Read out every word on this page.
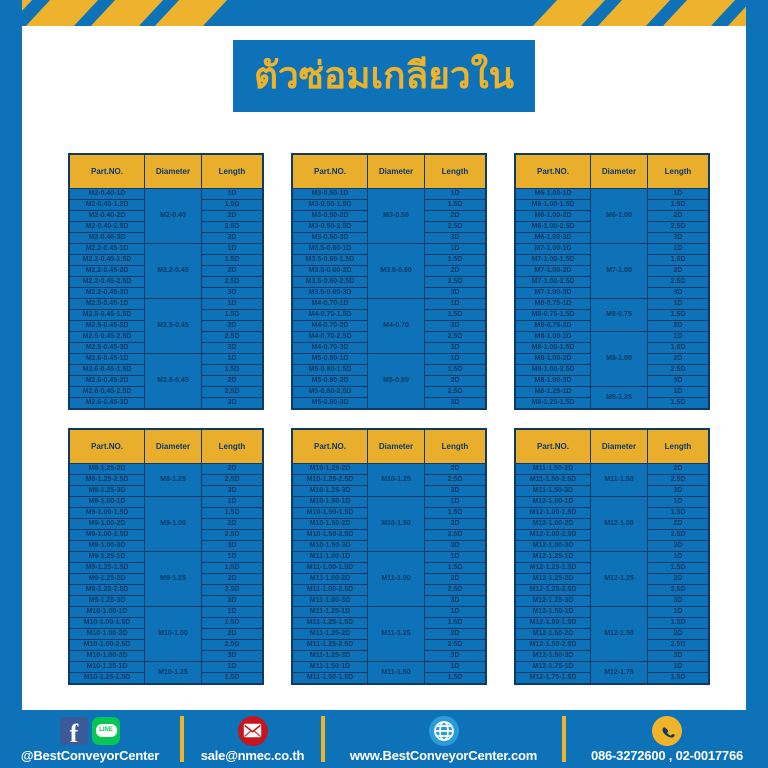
ตัวซ่อมเกลียวใน
Part.NO.	Diameter	Length
M2-0.40-1D	M2-0.40	1D
M2-0.40-1.5D		1.5D
M2-0.40-2D		2D
M2-0.40-2.5D		2.5D
M2-0.40-3D		3D
M2.2-0.45-1D	M2.2-0.45	1D
M2.2-0.45-1.5D		1.5D
M2.2-0.45-2D		2D
M2.2-0.45-2.5D		2.5D
M2.2-0.45-3D		3D
M2.5-0.45-1D	M2.5-0.45	1D
M2.5-0.45-1.5D		1.5D
M2.5-0.45-2D		2D
M2.5-0.45-2.5D		2.5D
M2.5-0.45-3D		3D
M2.6-0.45-1D	M2.6-0.45	1D
M2.6-0.45-1.5D		1.5D
M2.6-0.45-2D		2D
M2.6-0.45-2.5D		2.5D
M2.6-0.45-3D		3D
Part.NO.	Diameter	Length
M3-0.50-1D	M3-0.50	1D
M3-0.50-1.5D		1.5D
M3-0.50-2D		2D
M3-0.50-2.5D		2.5D
M3-0.50-3D		3D
M3.5-0.60-1D	M3.5-0.60	1D
M3.5-0.60-1.5D		1.5D
M3.5-0.60-2D		2D
M3.5-0.60-2.5D		2.5D
M3.5-0.60-3D		3D
M4-0.70-1D	M4-0.70	1D
M4-0.70-1.5D		1.5D
M4-0.70-2D		2D
M4-0.70-2.5D		2.5D
M4-0.70-3D		3D
M5-0.80-1D	M5-0.80	1D
M5-0.80-1.5D		1.5D
M5-0.80-2D		2D
M5-0.80-2.5D		2.5D
M5-0.80-3D		3D
Part.NO.	Diameter	Length
M6-1.00-1D	M6-1.00	1D
M6-1.00-1.5D		1.5D
M6-1.00-2D		2D
M6-1.00-2.5D		2.5D
M6-1.00-3D		3D
M7-1.00-1D	M7-1.00	1D
M7-1.00-1.5D		1.5D
M7-1.00-2D		2D
M7-1.00-2.5D		2.5D
M7-1.00-3D		3D
M8-0.75-1D	M8-0.75	1D
M8-0.75-1.5D		1.5D
M8-0.75-2D		2D
M8-1.00-1D	M8-1.00	1D
M8-1.00-1.5D		1.5D
M8-1.00-2D		2D
M8-1.00-2.5D		2.5D
M8-1.00-3D		3D
M8-1.25-1D	M8-1.25	1D
M8-1.25-1.5D		1.5D
Part.NO.	Diameter	Length
M8-1.25-2D	M8-1.25	2D
M8-1.25-2.5D		2.5D
M8-1.25-3D		3D
M9-1.00-1D	M9-1.00	1D
M9-1.00-1.5D		1.5D
M9-1.00-2D		2D
M9-1.00-2.5D		2.5D
M9-1.00-3D		3D
M9-1.25-1D	M9-1.25	1D
M9-1.25-1.5D		1.5D
M9-1.25-2D		2D
M9-1.25-2.5D		2.5D
M9-1.25-3D		3D
M10-1.00-1D	M10-1.00	1D
M10-1.00-1.5D		1.5D
M10-1.00-2D		2D
M10-1.00-2.5D		2.5D
M10-1.00-3D		3D
M10-1.25-1D	M10-1.25	1D
M10-1.25-1.5D		1.5D
Part.NO.	Diameter	Length
M10-1.25-2D	M10-1.25	2D
M10-1.25-2.5D		2.5D
M10-1.25-3D		3D
M10-1.50-1D	M10-1.50	1D
M10-1.50-1.5D		1.5D
M10-1.50-2D		2D
M10-1.50-2.5D		2.5D
M10-1.50-3D		3D
M11-1.00-1D	M11-1.00	1D
M11-1.00-1.5D		1.5D
M11-1.00-2D		2D
M11-1.00-2.5D		2.5D
M11-1.00-3D		3D
M11-1.25-1D	M11-1.25	1D
M11-1.25-1.5D		1.5D
M11-1.25-2D		2D
M11-1.25-2.5D		2.5D
M11-1.25-3D		3D
M11-1.50-1D	M11-1.50	1D
M11-1.50-1.5D		1.5D
Part.NO.	Diameter	Length
M11-1.50-2D	M11-1.50	2D
M11-1.50-2.5D		2.5D
M11-1.50-3D		3D
M12-1.00-1D	M12-1.00	1D
M12-1.00-1.5D		1.5D
M12-1.00-2D		2D
M12-1.00-2.5D		2.5D
M12-1.00-3D		3D
M12-1.25-1D	M12-1.25	1D
M12-1.25-1.5D		1.5D
M12-1.25-2D		2D
M12-1.25-2.5D		2.5D
M12-1.25-3D		3D
M12-1.50-1D	M12-1.50	1D
M12-1.50-1.5D		1.5D
M12-1.50-2D		2D
M12-1.50-2.5D		2.5D
M12-1.50-3D		3D
M12-1.75-1D	M12-1.75	1D
M12-1.75-1.5D		1.5D
f	LINE
@BestConveyorCenter	sale@nmec.co.th	www.BestConveyorCenter.com	086-3272600 , 02-0017766
